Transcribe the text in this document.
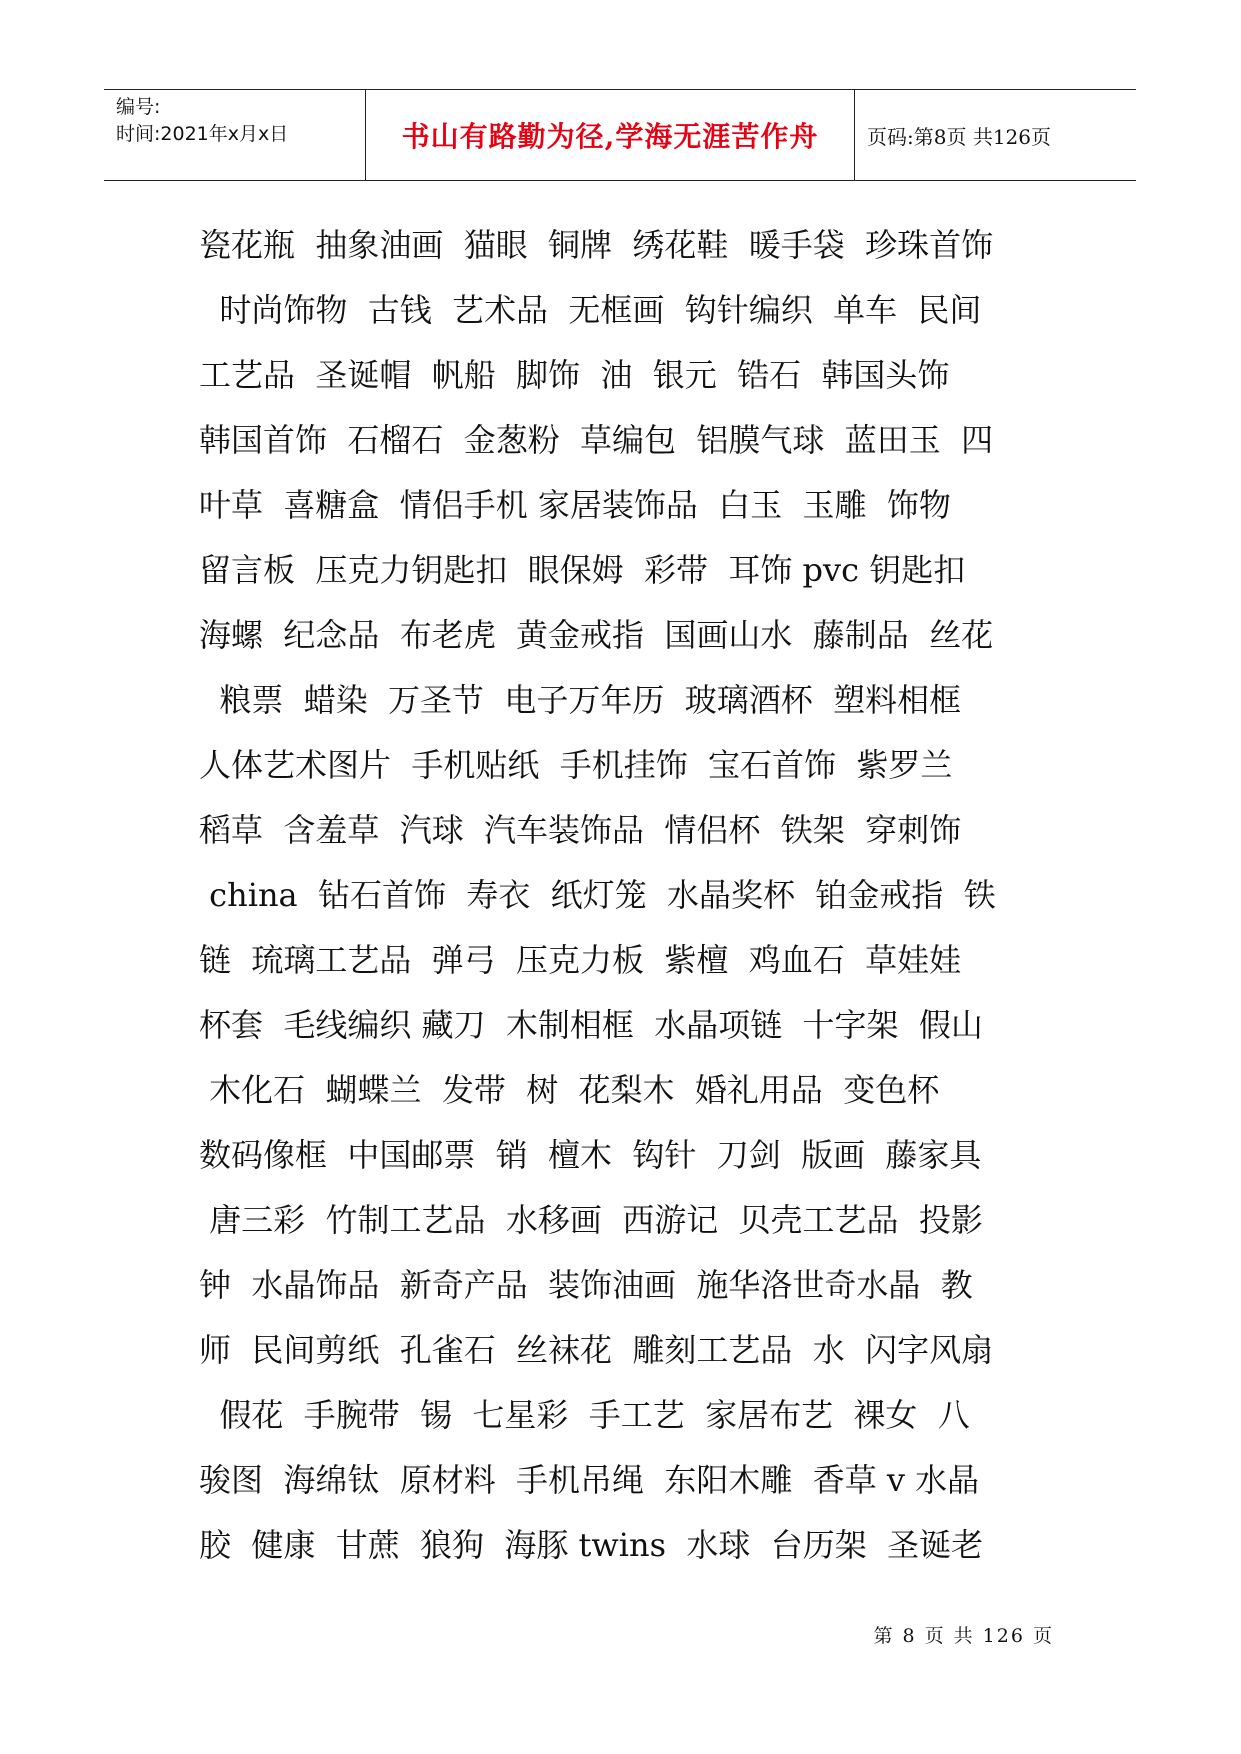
编号:
时间:2021年x月x日	书山有路勤为径,学海无涯苦作舟	页码:第8页 共126页
瓷花瓶  抽象油画  猫眼  铜牌  绣花鞋  暖手袋  珍珠首饰
时尚饰物  古钱  艺术品  无框画  钩针编织  单车  民间
工艺品  圣诞帽  帆船  脚饰  油  银元  锆石  韩国头饰
韩国首饰  石榴石  金葱粉  草编包  铝膜气球  蓝田玉  四
叶草  喜糖盒  情侣手机 家居装饰品  白玉  玉雕  饰物
留言板  压克力钥匙扣  眼保姆  彩带  耳饰 pvc 钥匙扣
海螺  纪念品  布老虎  黄金戒指  国画山水  藤制品  丝花
粮票  蜡染  万圣节  电子万年历  玻璃酒杯  塑料相框
人体艺术图片  手机贴纸  手机挂饰  宝石首饰  紫罗兰
稻草  含羞草  汽球  汽车装饰品  情侣杯  铁架  穿刺饰
china  钻石首饰  寿衣  纸灯笼  水晶奖杯  铂金戒指  铁
链  琉璃工艺品  弹弓  压克力板  紫檀  鸡血石  草娃娃
杯套  毛线编织 藏刀  木制相框  水晶项链  十字架  假山
木化石  蝴蝶兰  发带  树  花梨木  婚礼用品  变色杯
数码像框  中国邮票  销  檀木  钩针  刀剑  版画  藤家具
唐三彩  竹制工艺品  水移画  西游记  贝壳工艺品  投影
钟  水晶饰品  新奇产品  装饰油画  施华洛世奇水晶  教
师  民间剪纸  孔雀石  丝袜花  雕刻工艺品  水  闪字风扇
假花  手腕带  锡  七星彩  手工艺  家居布艺  裸女  八
骏图  海绵钛  原材料  手机吊绳  东阳木雕  香草 v 水晶
胶  健康  甘蔗  狼狗  海豚 twins  水球  台历架  圣诞老
第 8 页 共 126 页
